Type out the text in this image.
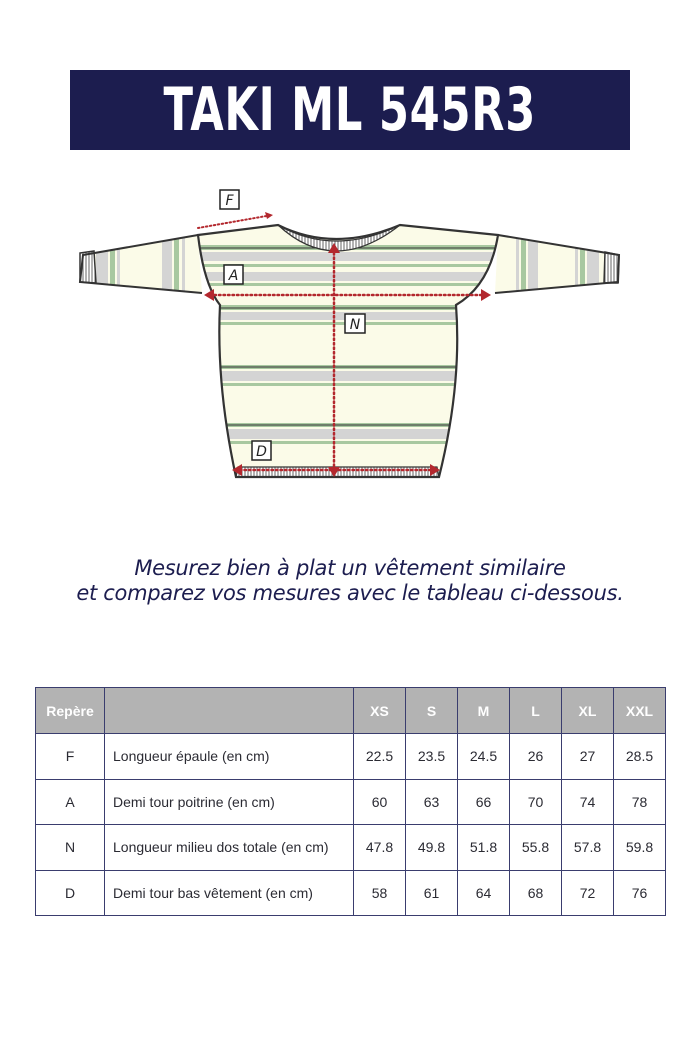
TAKI ML 545R3
F
A
N
D
Mesurez bien à plat un vêtement similaire
et comparez vos mesures avec le tableau ci-dessous.
Repère		XS	S	M	L	XL	XXL
F	Longueur épaule (en cm)	22.5	23.5	24.5	26	27	28.5
A	Demi tour poitrine (en cm)	60	63	66	70	74	78
N	Longueur milieu dos totale (en cm)	47.8	49.8	51.8	55.8	57.8	59.8
D	Demi tour bas vêtement (en cm)	58	61	64	68	72	76
